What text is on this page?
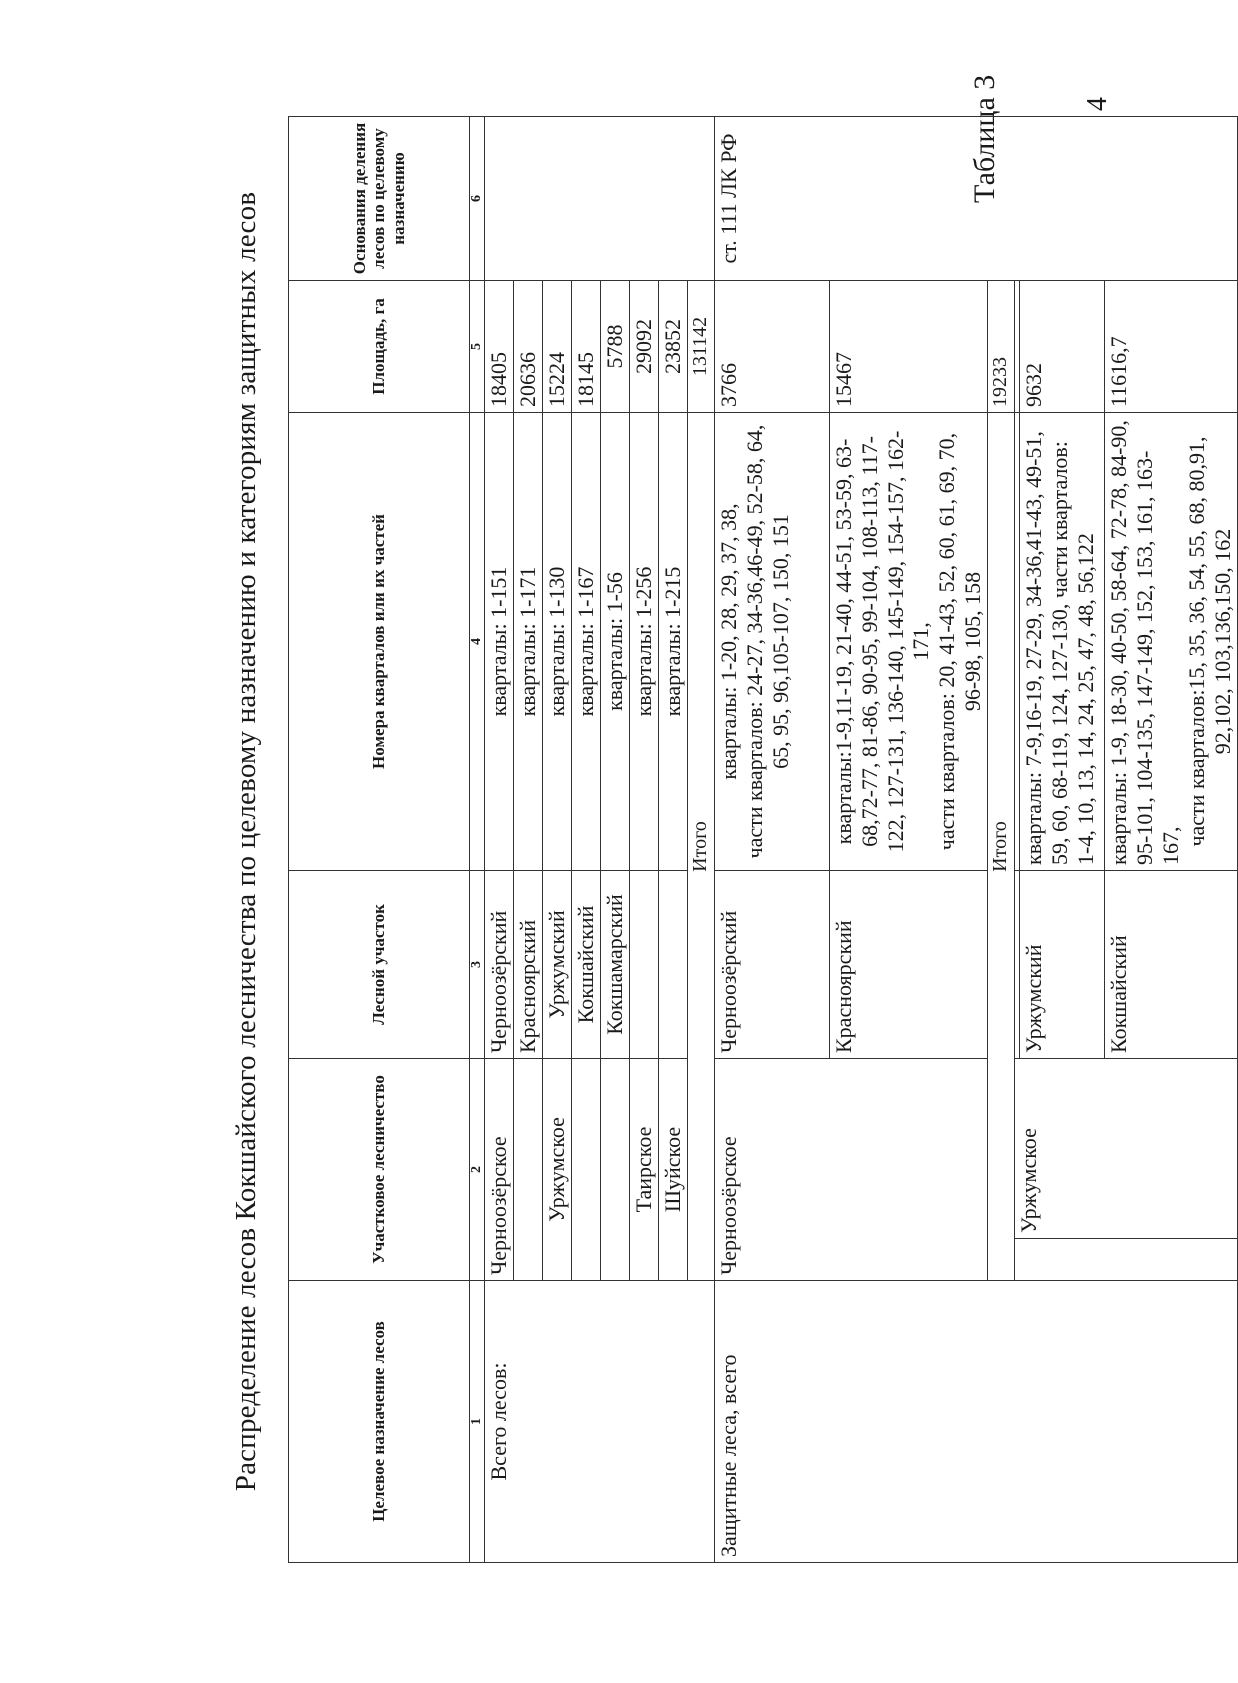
4
Таблица 3
Распределение лесов Кокшайского лесничества по целевому назначению и категориям защитных лесов	Целевое назначение лесов	Участковое лесничество		Лесной участок	Номера кварталов или их частей	Площадь, га	Основания деления лесов по целевому назначению
1	2		3	4	5	6
Всего лесов:	Черноозёрское		Черноозёрский	кварталы: 1-151	18405	
			Краснoярский	кварталы: 1-171	20636	
	Уржумское		Уржумский	кварталы: 1-130	15224	
			Кокшайский	кварталы: 1-167	18145	
			Кокшамарский	кварталы: 1-56	5788	
	Таирское			кварталы: 1-256	29092	
	Шуйское			кварталы: 1-215	23852	
	Итого				131142	
Защитные леса, всего	Черноозёрское		Черноозёрский	кварталы: 1-20, 28, 29, 37, 38, части кварталов: 24-27, 34-36,46-49, 52-58, 64, 65, 95, 96,105-107, 150, 151	3766	ст. 111 ЛК РФ
			Красноярский	кварталы:1-9,11-19, 21-40, 44-51, 53-59, 63-68,72-77, 81-86, 90-95, 99-104, 108-113, 117-122, 127-131, 136-140, 145-149, 154-157, 162-171, части кварталов: 20, 41-43, 52, 60, 61, 69, 70, 96-98, 105, 158	15467	
	Итого				19233	
		Уржумское				
			Уржумский	кварталы: 7-9,16-19, 27-29, 34-36,41-43, 49-51, 59, 60, 68-119, 124, 127-130, части кварталов: 1-4, 10, 13, 14, 24, 25, 47, 48, 56,122	9632	
			Кокшайский	кварталы: 1-9, 18-30, 40-50, 58-64, 72-78, 84-90, 95-101, 104-135, 147-149, 152, 153, 161, 163-167, части кварталов:15, 35, 36, 54, 55, 68, 80,91, 92,102, 103,136,150, 162	11616,7	
